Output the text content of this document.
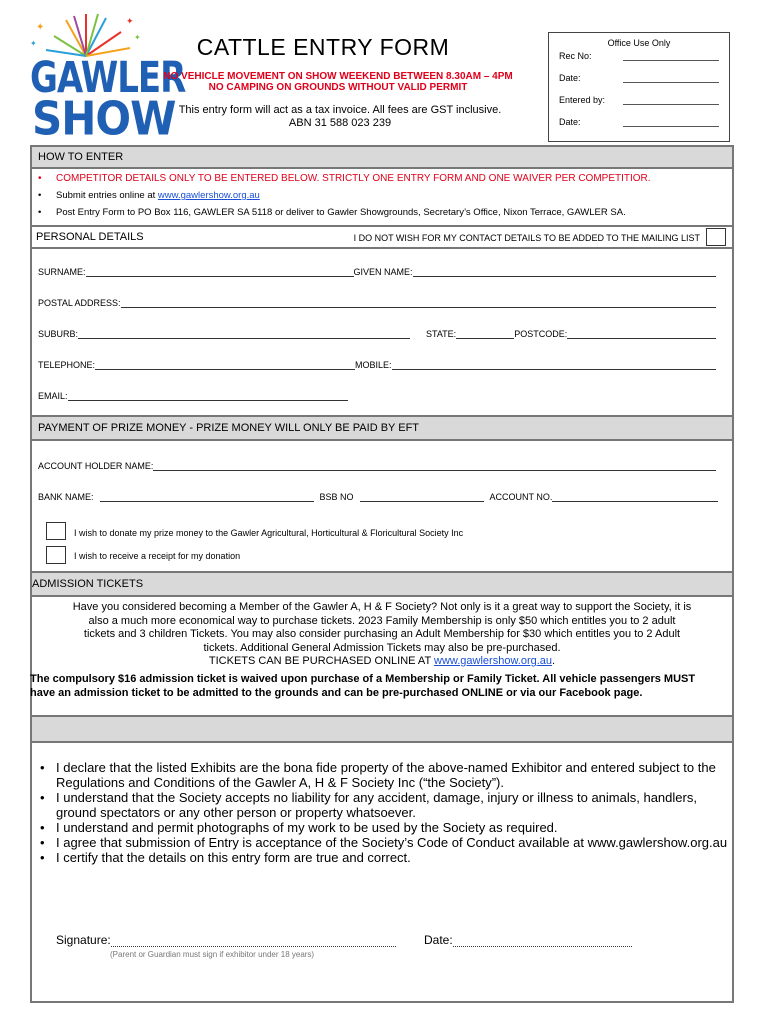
✦
✦
✦
✦
GAWLER
SHOW
CATTLE ENTRY FORM
NO VEHICLE MOVEMENT ON SHOW WEEKEND BETWEEN 8.30AM – 4PM
NO CAMPING ON GROUNDS WITHOUT VALID PERMIT
This entry form will act as a tax invoice. All fees are GST inclusive.
ABN 31 588 023 239
Office Use Only
Rec No:
Date:
Entered by:
Date:
HOW TO ENTER
• COMPETITOR DETAILS ONLY TO BE ENTERED BELOW. STRICTLY ONE ENTRY FORM AND ONE WAIVER PER COMPETITIOR.
• Submit entries online at www.gawlershow.org.au
• Post Entry Form to PO Box 116, GAWLER SA 5118 or deliver to Gawler Showgrounds, Secretary’s Office, Nixon Terrace, GAWLER SA.
PERSONAL DETAILS	I DO NOT WISH FOR MY CONTACT DETAILS TO BE ADDED TO THE MAILING LIST
SURNAME:	GIVEN NAME:
POSTAL ADDRESS:
SUBURB:	STATE:	POSTCODE:
TELEPHONE:	MOBILE:
EMAIL:
PAYMENT OF PRIZE MONEY - PRIZE MONEY WILL ONLY BE PAID BY EFT
ACCOUNT HOLDER NAME:
BANK NAME:	BSB NO	ACCOUNT NO.
I wish to donate my prize money to the Gawler Agricultural, Horticultural & Floricultural Society Inc
I wish to receive a receipt for my donation
ADMISSION TICKETS
Have you considered becoming a Member of the Gawler A, H & F Society? Not only is it a great way to support the Society, it is
also a much more economical way to purchase tickets. 2023 Family Membership is only $50 which entitles you to 2 adult
tickets and 3 children Tickets. You may also consider purchasing an Adult Membership for $30 which entitles you to 2 Adult
tickets. Additional General Admission Tickets may also be pre-purchased.
TICKETS CAN BE PURCHASED ONLINE AT www.gawlershow.org.au.
The compulsory $16 admission ticket is waived upon purchase of a Membership or Family Ticket. All vehicle passengers MUST
have an admission ticket to be admitted to the grounds and can be pre-purchased ONLINE or via our Facebook page.
• I declare that the listed Exhibits are the bona fide property of the above-named Exhibitor and entered subject to the Regulations and Conditions of the Gawler A, H & F Society Inc (“the Society”).
• I understand that the Society accepts no liability for any accident, damage, injury or illness to animals, handlers, ground spectators or any other person or property whatsoever.
• I understand and permit photographs of my work to be used by the Society as required.
• I agree that submission of Entry is acceptance of the Society’s Code of Conduct available at www.gawlershow.org.au
• I certify that the details on this entry form are true and correct.
Signature:	Date:
(Parent or Guardian must sign if exhibitor under 18 years)
